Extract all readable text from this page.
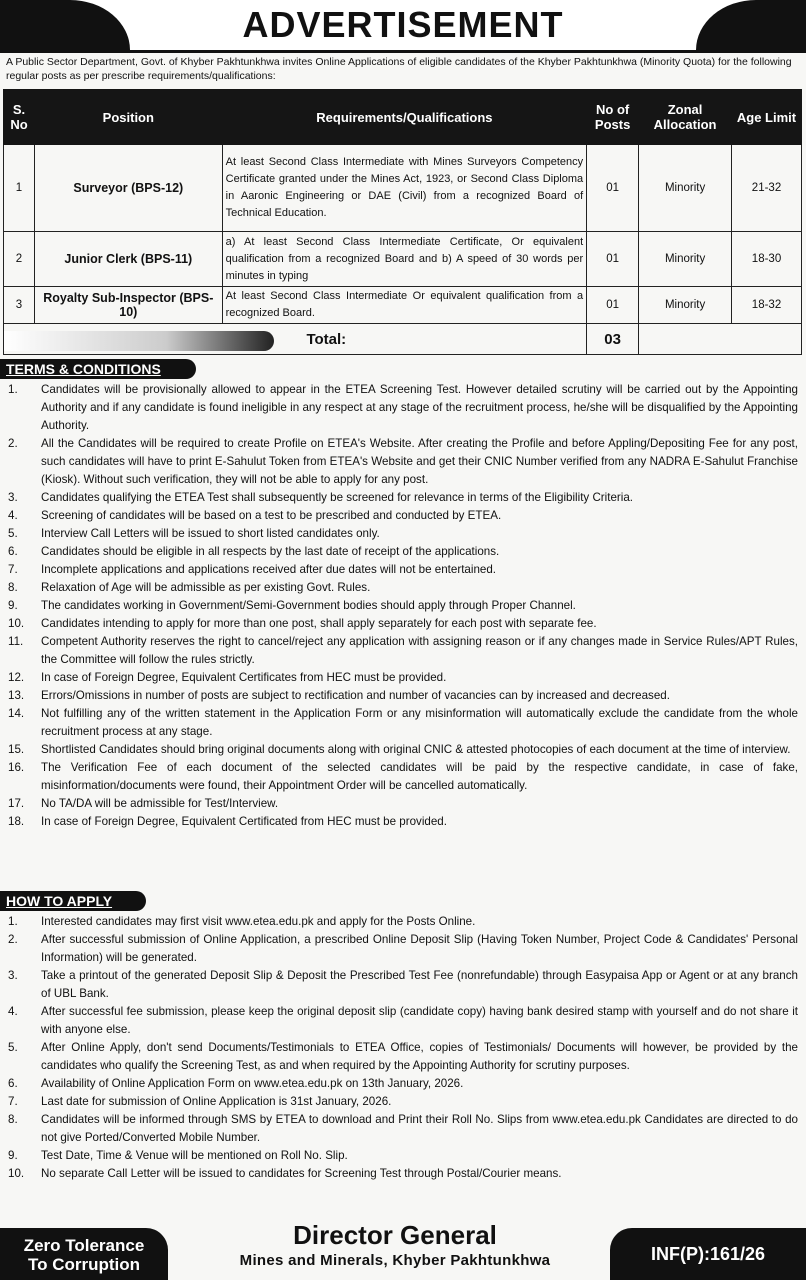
ADVERTISEMENT
A Public Sector Department, Govt. of Khyber Pakhtunkhwa invites Online Applications of eligible candidates of the Khyber Pakhtunkhwa (Minority Quota) for the following regular posts as per prescribe requirements/qualifications:
S. No	Position	Requirements/Qualifications	No of Posts	Zonal Allocation	Age Limit
1	Surveyor (BPS-12)	At least Second Class Intermediate with Mines Surveyors Competency Certificate granted under the Mines Act, 1923, or Second Class Diploma in Aaronic Engineering or DAE (Civil) from a recognized Board of Technical Education.	01	Minority	21-32
2	Junior Clerk (BPS-11)	a) At least Second Class Intermediate Certificate, Or equivalent qualification from a recognized Board and b) A speed of 30 words per minutes in typing	01	Minority	18-30
3	Royalty Sub-Inspector (BPS-10)	At least Second Class Intermediate Or equivalent qualification from a recognized Board.	01	Minority	18-32
Total:			03		

TERMS & CONDITIONS
1. Candidates will be provisionally allowed to appear in the ETEA Screening Test. However detailed scrutiny will be carried out by the Appointing Authority and if any candidate is found ineligible in any respect at any stage of the recruitment process, he/she will be disqualified by the Appointing Authority.
2. All the Candidates will be required to create Profile on ETEA's Website. After creating the Profile and before Appling/Depositing Fee for any post, such candidates will have to print E-Sahulut Token from ETEA's Website and get their CNIC Number verified from any NADRA E-Sahulut Franchise (Kiosk). Without such verification, they will not be able to apply for any post.
3. Candidates qualifying the ETEA Test shall subsequently be screened for relevance in terms of the Eligibility Criteria.
4. Screening of candidates will be based on a test to be prescribed and conducted by ETEA.
5. Interview Call Letters will be issued to short listed candidates only.
6. Candidates should be eligible in all respects by the last date of receipt of the applications.
7. Incomplete applications and applications received after due dates will not be entertained.
8. Relaxation of Age will be admissible as per existing Govt. Rules.
9. The candidates working in Government/Semi-Government bodies should apply through Proper Channel.
10. Candidates intending to apply for more than one post, shall apply separately for each post with separate fee.
11. Competent Authority reserves the right to cancel/reject any application with assigning reason or if any changes made in Service Rules/APT Rules, the Committee will follow the rules strictly.
12. In case of Foreign Degree, Equivalent Certificates from HEC must be provided.
13. Errors/Omissions in number of posts are subject to rectification and number of vacancies can by increased and decreased.
14. Not fulfilling any of the written statement in the Application Form or any misinformation will automatically exclude the candidate from the whole recruitment process at any stage.
15. Shortlisted Candidates should bring original documents along with original CNIC & attested photocopies of each document at the time of interview.
16. The Verification Fee of each document of the selected candidates will be paid by the respective candidate, in case of fake, misinformation/documents were found, their Appointment Order will be cancelled automatically.
17. No TA/DA will be admissible for Test/Interview.
18. In case of Foreign Degree, Equivalent Certificated from HEC must be provided.
HOW TO APPLY
1. Interested candidates may first visit www.etea.edu.pk and apply for the Posts Online.
2. After successful submission of Online Application, a prescribed Online Deposit Slip (Having Token Number, Project Code & Candidates' Personal Information) will be generated.
3. Take a printout of the generated Deposit Slip & Deposit the Prescribed Test Fee (nonrefundable) through Easypaisa App or Agent or at any branch of UBL Bank.
4. After successful fee submission, please keep the original deposit slip (candidate copy) having bank desired stamp with yourself and do not share it with anyone else.
5. After Online Apply, don't send Documents/Testimonials to ETEA Office, copies of Testimonials/ Documents will however, be provided by the candidates who qualify the Screening Test, as and when required by the Appointing Authority for scrutiny purposes.
6. Availability of Online Application Form on www.etea.edu.pk on 13th January, 2026.
7. Last date for submission of Online Application is 31st January, 2026.
8. Candidates will be informed through SMS by ETEA to download and Print their Roll No. Slips from www.etea.edu.pk Candidates are directed to do not give Ported/Converted Mobile Number.
9. Test Date, Time & Venue will be mentioned on Roll No. Slip.
10. No separate Call Letter will be issued to candidates for Screening Test through Postal/Courier means.
Zero Tolerance
To Corruption
Director General
Mines and Minerals, Khyber Pakhtunkhwa	INF(P):161/26
